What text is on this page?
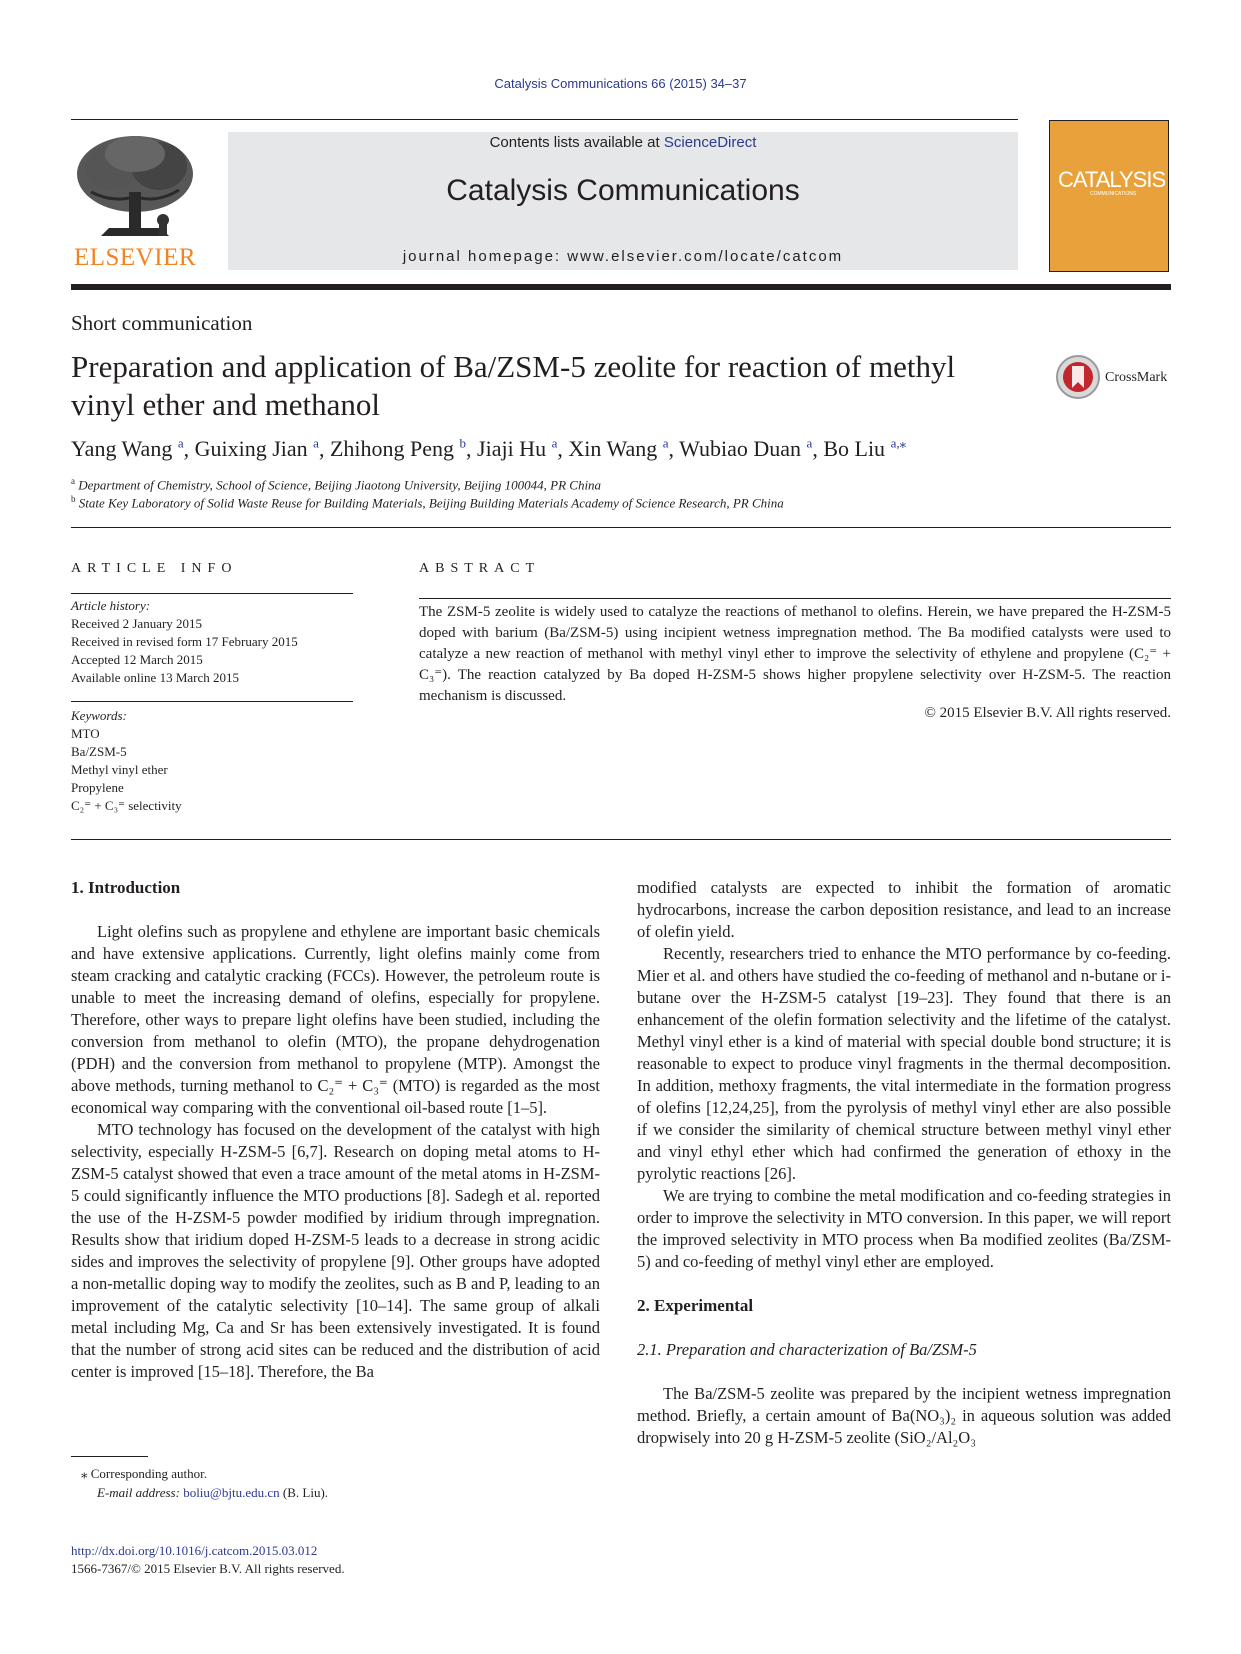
Catalysis Communications 66 (2015) 34–37
ELSEVIER
Contents lists available at ScienceDirect
Catalysis Communications
journal homepage: www.elsevier.com/locate/catcom
CATALYSIS
COMMUNICATIONS
Short communication
Preparation and application of Ba/ZSM-5 zeolite for reaction of methyl vinyl ether and methanol
CrossMark
Yang Wang $^a$, Guixing Jian $^a$, Zhihong Peng $^b$, Jiaji Hu $^a$, Xin Wang $^a$, Wubiao Duan $^a$, Bo Liu $^{a,⁎}$
$^a$ Department of Chemistry, School of Science, Beijing Jiaotong University, Beijing 100044, PR China
$^b$ State Key Laboratory of Solid Waste Reuse for Building Materials, Beijing Building Materials Academy of Science Research, PR China
ARTICLE INFO
Article history:
Received 2 January 2015
Received in revised form 17 February 2015
Accepted 12 March 2015
Available online 13 March 2015
Keywords:
MTO
Ba/ZSM-5
Methyl vinyl ether
Propylene
C₂⁼ + C₃⁼ selectivity
ABSTRACT
The ZSM-5 zeolite is widely used to catalyze the reactions of methanol to olefins. Herein, we have prepared the H-ZSM-5 doped with barium (Ba/ZSM-5) using incipient wetness impregnation method. The Ba modified catalysts were used to catalyze a new reaction of methanol with methyl vinyl ether to improve the selectivity of ethylene and propylene (C₂⁼ + C₃⁼). The reaction catalyzed by Ba doped H-ZSM-5 shows higher propylene selectivity over H-ZSM-5. The reaction mechanism is discussed.
© 2015 Elsevier B.V. All rights reserved.
1. Introduction

Light olefins such as propylene and ethylene are important basic chemicals and have extensive applications. Currently, light olefins mainly come from steam cracking and catalytic cracking (FCCs). However, the petroleum route is unable to meet the increasing demand of olefins, especially for propylene. Therefore, other ways to prepare light olefins have been studied, including the conversion from methanol to olefin (MTO), the propane dehydrogenation (PDH) and the conversion from methanol to propylene (MTP). Amongst the above methods, turning methanol to C₂⁼ + C₃⁼ (MTO) is regarded as the most economical way comparing with the conventional oil-based route [1–5].

MTO technology has focused on the development of the catalyst with high selectivity, especially H-ZSM-5 [6,7]. Research on doping metal atoms to H-ZSM-5 catalyst showed that even a trace amount of the metal atoms in H-ZSM-5 could significantly influence the MTO productions [8]. Sadegh et al. reported the use of the H-ZSM-5 powder modified by iridium through impregnation. Results show that iridium doped H-ZSM-5 leads to a decrease in strong acidic sides and improves the selectivity of propylene [9]. Other groups have adopted a non-metallic doping way to modify the zeolites, such as B and P, leading to an improvement of the catalytic selectivity [10–14]. The same group of alkali metal including Mg, Ca and Sr has been extensively investigated. It is found that the number of strong acid sites can be reduced and the distribution of acid center is improved [15–18]. Therefore, the Ba

modified catalysts are expected to inhibit the formation of aromatic hydrocarbons, increase the carbon deposition resistance, and lead to an increase of olefin yield.

Recently, researchers tried to enhance the MTO performance by co-feeding. Mier et al. and others have studied the co-feeding of methanol and n-butane or i-butane over the H-ZSM-5 catalyst [19–23]. They found that there is an enhancement of the olefin formation selectivity and the lifetime of the catalyst. Methyl vinyl ether is a kind of material with special double bond structure; it is reasonable to expect to produce vinyl fragments in the thermal decomposition. In addition, methoxy fragments, the vital intermediate in the formation progress of olefins [12,24,25], from the pyrolysis of methyl vinyl ether are also possible if we consider the similarity of chemical structure between methyl vinyl ether and vinyl ethyl ether which had confirmed the generation of ethoxy in the pyrolytic reactions [26].

We are trying to combine the metal modification and co-feeding strategies in order to improve the selectivity in MTO conversion. In this paper, we will report the improved selectivity in MTO process when Ba modified zeolites (Ba/ZSM-5) and co-feeding of methyl vinyl ether are employed.

2. Experimental
2.1. Preparation and characterization of Ba/ZSM-5

The Ba/ZSM-5 zeolite was prepared by the incipient wetness impregnation method. Briefly, a certain amount of Ba(NO₃)₂ in aqueous solution was added dropwisely into 20 g H-ZSM-5 zeolite (SiO₂/Al₂O₃

⁎ Corresponding author.
E-mail address: boliu@bjtu.edu.cn (B. Liu).
http://dx.doi.org/10.1016/j.catcom.2015.03.012
1566-7367/© 2015 Elsevier B.V. All rights reserved.
